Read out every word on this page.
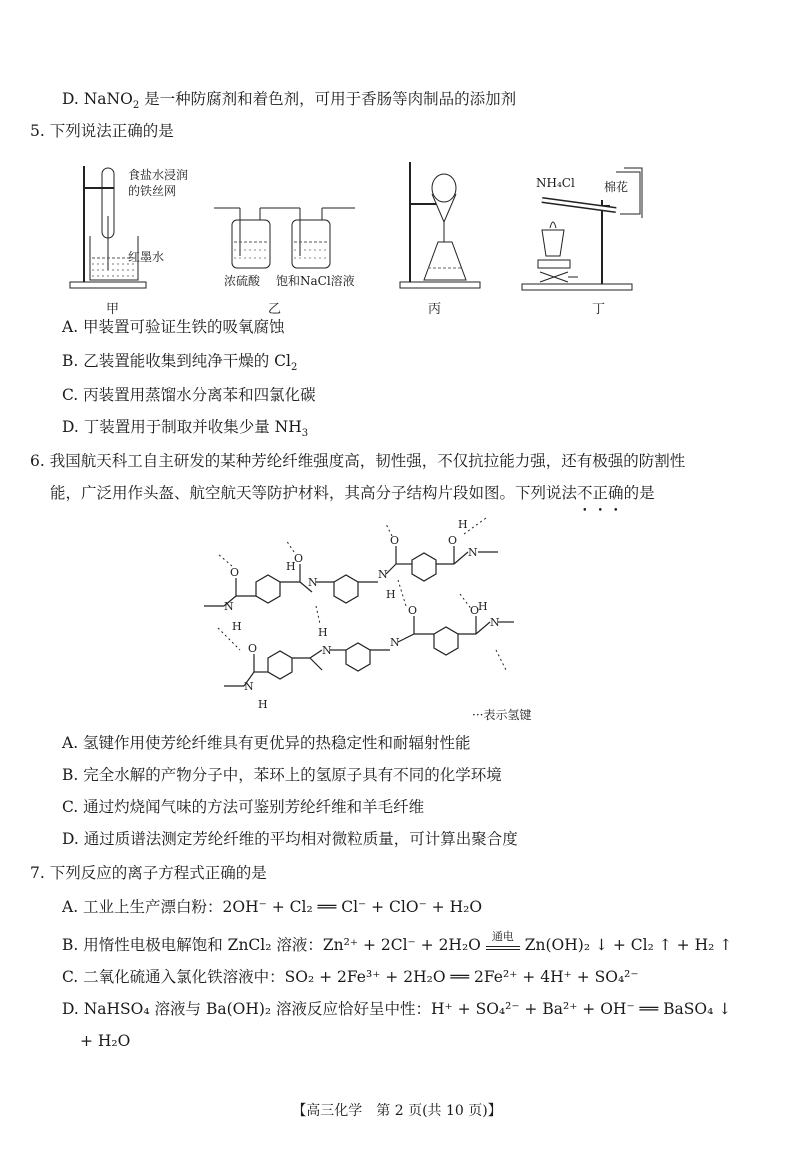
D. NaNO$_2$ 是一种防腐剂和着色剂，可用于香肠等肉制品的添加剂
5. 下列说法正确的是
食盐水浸润
的铁丝网
红墨水
甲
浓硫酸 饱和NaCl溶液
乙	丙
NH₄Cl 棉花
丁
A. 甲装置可验证生铁的吸氧腐蚀
B. 乙装置能收集到纯净干燥的 $Cl_2$
C. 丙装置用蒸馏水分离苯和四氯化碳
D. 丁装置用于制取并收集少量 $NH_3$
6. 我国航天科工自主研发的某种芳纶纤维强度高，韧性强，不仅抗拉能力强，还有极强的防割性
能，广泛用作头盔、航空航天等防护材料，其高分子结构片段如图。下列说法不正确的是
O
O
O	O
O
O	O
N
N
N
N
N
N
N
N
H
H
H
H	H
H
H
···表示氢键
A. 氢键作用使芳纶纤维具有更优异的热稳定性和耐辐射性能
B. 完全水解的产物分子中，苯环上的氢原子具有不同的化学环境
C. 通过灼烧闻气味的方法可鉴别芳纶纤维和羊毛纤维
D. 通过质谱法测定芳纶纤维的平均相对微粒质量，可计算出聚合度
7. 下列反应的离子方程式正确的是
A. 工业上生产漂白粉：2OH⁻ + Cl₂ ══ Cl⁻ + ClO⁻ + H₂O
B. 用惰性电极电解饱和 ZnCl₂ 溶液：Zn²⁺ + 2Cl⁻ + 2H₂O 通电 Zn(OH)₂ ↓ + Cl₂ ↑ + H₂ ↑
C. 二氧化硫通入氯化铁溶液中：SO₂ + 2Fe³⁺ + 2H₂O ══ 2Fe²⁺ + 4H⁺ + SO₄²⁻
D. NaHSO₄ 溶液与 Ba(OH)₂ 溶液反应恰好呈中性：H⁺ + SO₄²⁻ + Ba²⁺ + OH⁻ ══ BaSO₄ ↓
+ H₂O
【高三化学　第 2 页(共 10 页)】
